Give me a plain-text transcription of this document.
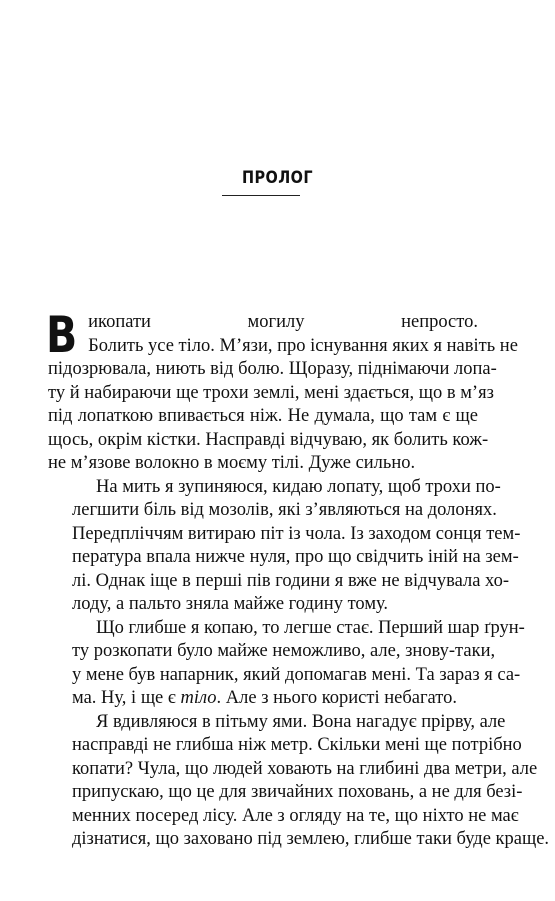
ПРОЛОГ

В икопати могилу непросто.
Болить усе тіло. М’язи, про існування яких я навіть не
підозрювала, ниють від болю. Щоразу, піднімаючи лопа-
ту й набираючи ще трохи землі, мені здається, що в м’яз
під лопаткою впивається ніж. Не думала, що там є ще
щось, окрім кістки. Насправді відчуваю, як болить кож-
не м’язове волокно в моєму тілі. Дуже сильно.

На мить я зупиняюся, кидаю лопату, щоб трохи по-
легшити біль від мозолів, які з’являються на долонях.
Передпліччям витираю піт із чола. Із заходом сонця тем-
пература впала нижче нуля, про що свідчить іній на зем-
лі. Однак іще в перші пів години я вже не відчувала хо-
лоду, а пальто зняла майже годину тому.

Що глибше я копаю, то легше стає. Перший шар ґрун-
ту розкопати було майже неможливо, але, знову-таки,
у мене був напарник, який допомагав мені. Та зараз я са-
ма. Ну, і ще є тіло. Але з нього користі небагато.

Я вдивляюся в пітьму ями. Вона нагадує прірву, але
насправді не глибша ніж метр. Скільки мені ще потрібно
копати? Чула, що людей ховають на глибині два метри, але
припускаю, що це для звичайних поховань, а не для безі-
менних посеред лісу. Але з огляду на те, що ніхто не має
дізнатися, що заховано під землею, глибше таки буде краще.
